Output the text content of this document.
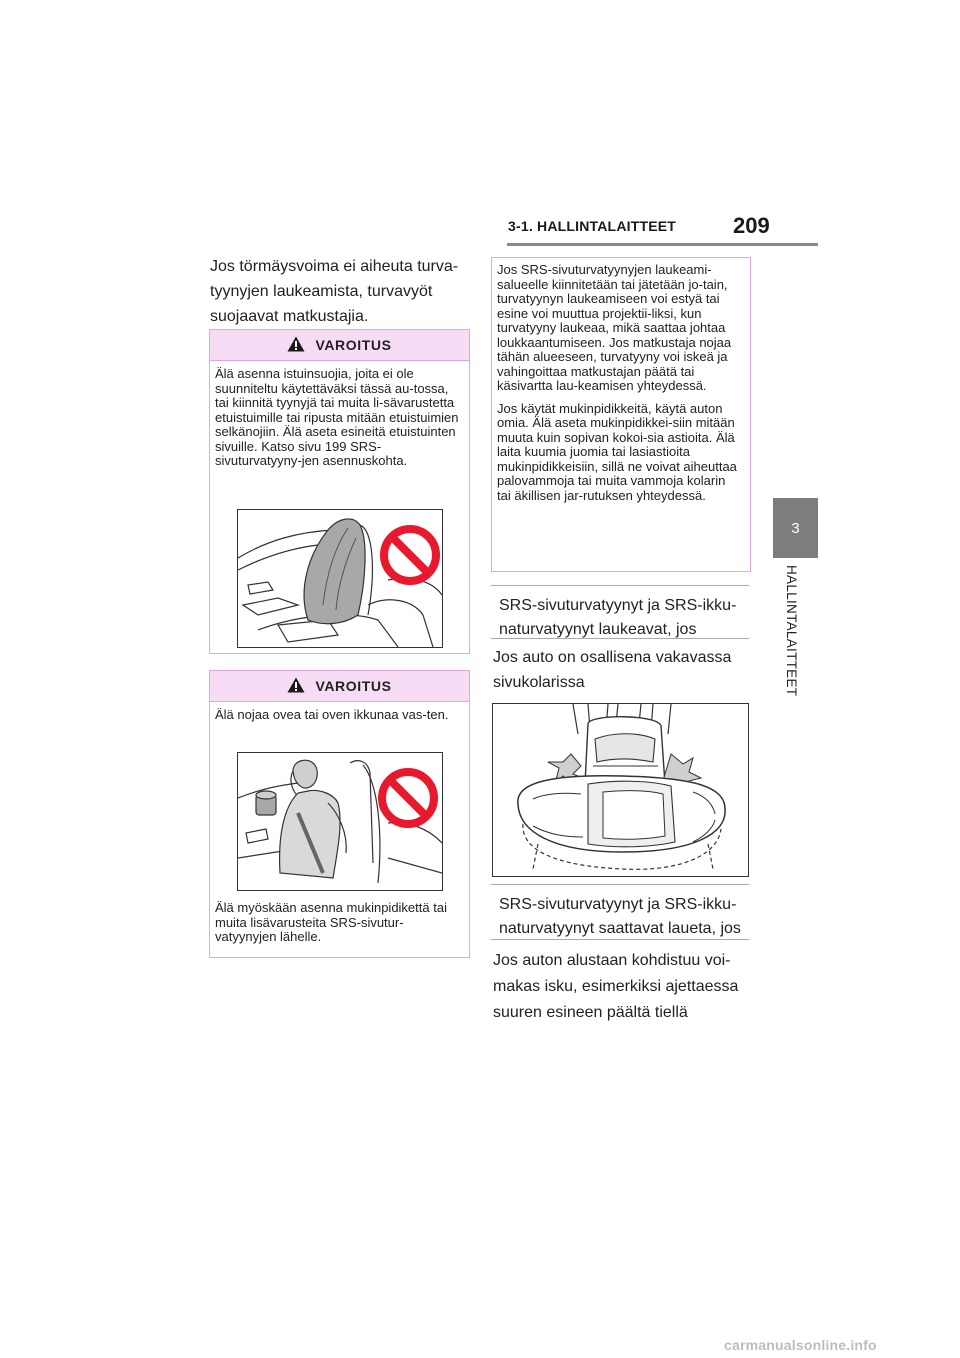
3-1. HALLINTALAITTEET	209
3
HALLINTALAITTEET
Jos törmäysvoima ei aiheuta turva-tyynyjen laukeamista, turvavyöt suojaavat matkustajia.
VAROITUS
Älä asenna istuinsuojia, joita ei ole suunniteltu käytettäväksi tässä au-tossa, tai kiinnitä tyynyjä tai muita li-sävarustetta etuistuimille tai ripusta mitään etuistuimien selkänojiin. Älä aseta esineitä etuistuinten sivuille. Katso sivu 199 SRS-sivuturvatyyny-jen asennuskohta.
VAROITUS
Älä nojaa ovea tai oven ikkunaa vas-ten.
Älä myöskään asenna mukinpidikettä tai muita lisävarusteita SRS-sivutur-vatyynyjen lähelle.

Jos SRS-sivuturvatyynyjen laukeami-salueelle kiinnitetään tai jätetään jo-tain, turvatyynyn laukeamiseen voi estyä tai esine voi muuttua projektii-liksi, kun turvatyyny laukeaa, mikä saattaa johtaa loukkaantumiseen. Jos matkustaja nojaa tähän alueeseen, turvatyyny voi iskeä ja vahingoittaa matkustajan päätä tai käsivartta lau-keamisen yhteydessä.

Jos käytät mukinpidikkeitä, käytä auton omia. Älä aseta mukinpidikkei-siin mitään muuta kuin sopivan kokoi-sia astioita. Älä laita kuumia juomia tai lasiastioita mukinpidikkeisiin, sillä ne voivat aiheuttaa palovammoja tai muita vammoja kolarin tai äkillisen jar-rutuksen yhteydessä.

SRS-sivuturvatyynyt ja SRS-ikku-naturvatyynyt laukeavat, jos
Jos auto on osallisena vakavassa sivukolarissa
SRS-sivuturvatyynyt ja SRS-ikku-naturvatyynyt saattavat laueta, jos
Jos auton alustaan kohdistuu voi-makas isku, esimerkiksi ajettaessa suuren esineen päältä tiellä
carmanualsonline.info
